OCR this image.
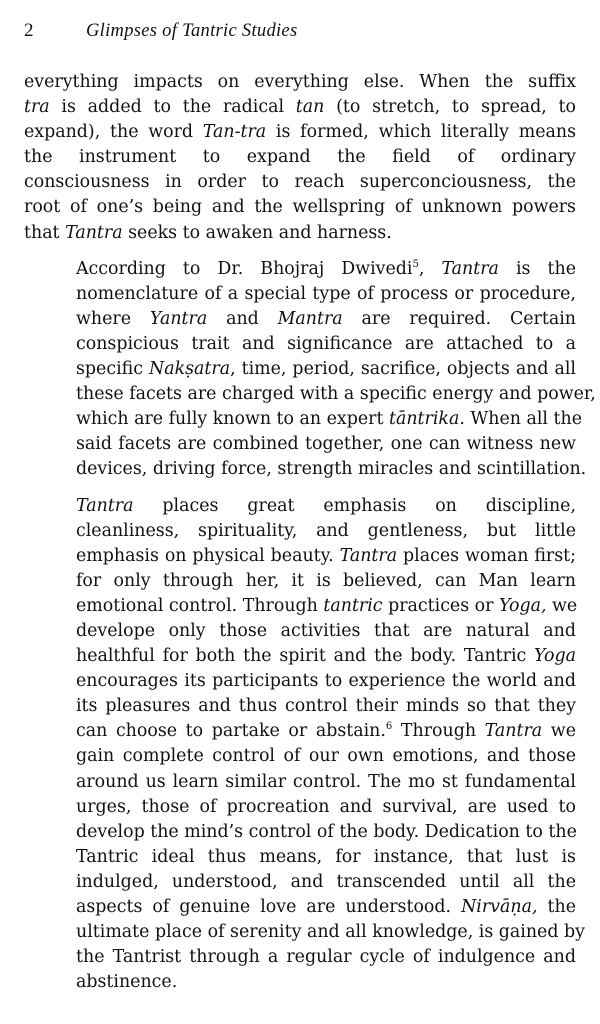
2	Glimpses of Tantric Studies

everything impacts on everything else. When the suffix
tra is added to the radical tan (to stretch, to spread, to
expand), the word Tan-tra is formed, which literally means
the instrument to expand the field of ordinary
consciousness in order to reach superconciousness, the
root of one’s being and the wellspring of unknown powers
that Tantra seeks to awaken and harness.

According to Dr. Bhojraj Dwivedi$^5$, Tantra is the
nomenclature of a special type of process or procedure,
where Yantra and Mantra are required. Certain
conspicious trait and significance are attached to a
specific Nakṣatra, time, period, sacrifice, objects and all
these facets are charged with a specific energy and power,
which are fully known to an expert tāntrika. When all the
said facets are combined together, one can witness new
devices, driving force, strength miracles and scintillation.

Tantra places great emphasis on discipline,
cleanliness, spirituality, and gentleness, but little
emphasis on physical beauty. Tantra places woman first;
for only through her, it is believed, can Man learn
emotional control. Through tantric practices or Yoga, we
develope only those activities that are natural and
healthful for both the spirit and the body. Tantric Yoga
encourages its participants to experience the world and
its pleasures and thus control their minds so that they
can choose to partake or abstain.$^6$ Through Tantra we
gain complete control of our own emotions, and those
around us learn similar control. The mo st fundamental
urges, those of procreation and survival, are used to
develop the mind’s control of the body. Dedication to the
Tantric ideal thus means, for instance, that lust is
indulged, understood, and transcended until all the
aspects of genuine love are understood. Nirvāṇa, the
ultimate place of serenity and all knowledge, is gained by
the Tantrist through a regular cycle of indulgence and
abstinence.
